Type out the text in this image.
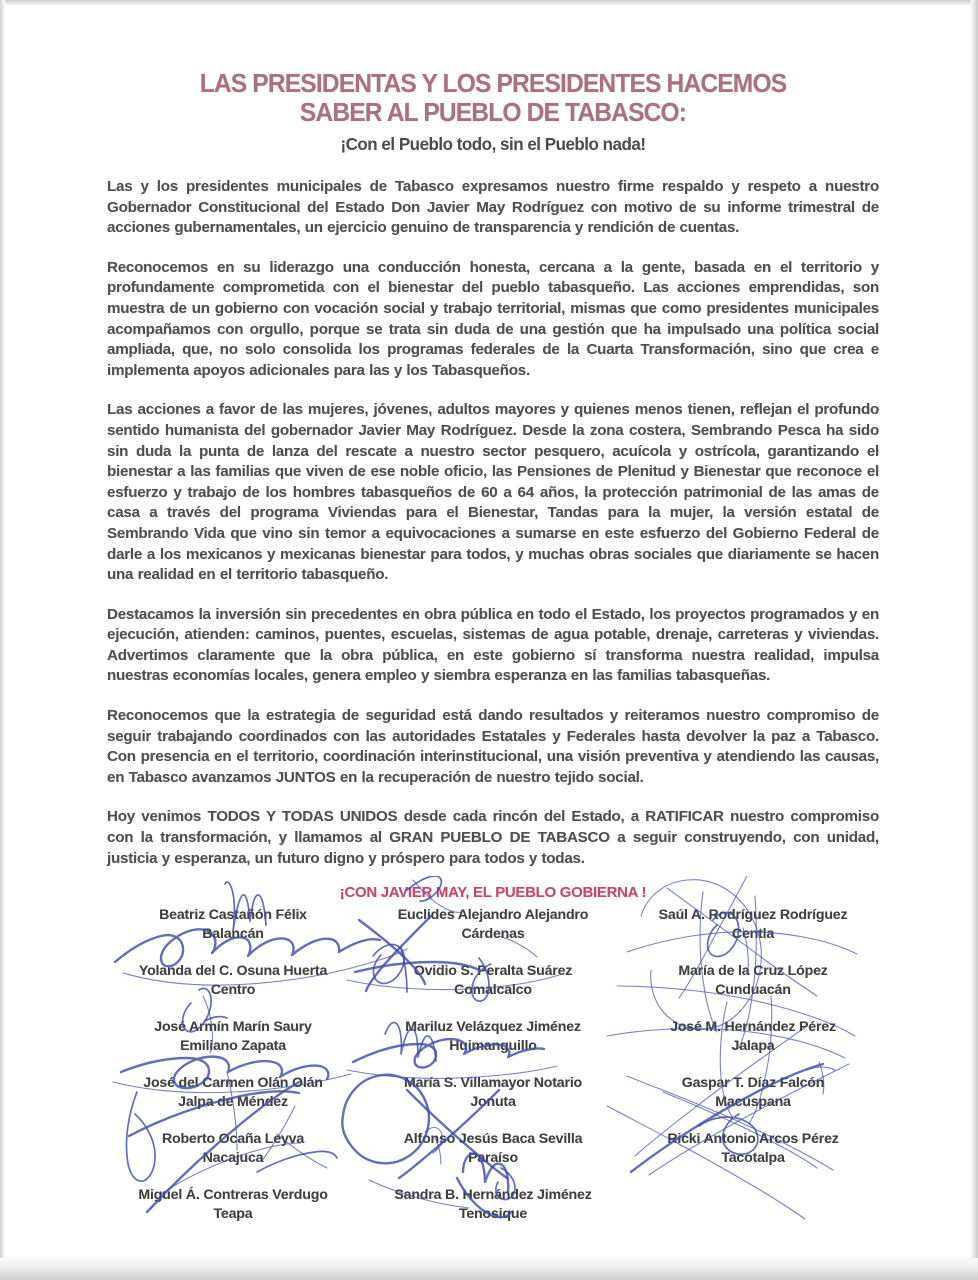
LAS PRESIDENTAS Y LOS PRESIDENTES HACEMOS
SABER AL PUEBLO DE TABASCO:

¡Con el Pueblo todo, sin el Pueblo nada!

Las y los presidentes municipales de Tabasco expresamos nuestro firme respaldo y respeto a nuestro Gobernador Constitucional del Estado Don Javier May Rodríguez con motivo de su informe trimestral de acciones gubernamentales, un ejercicio genuino de transparencia y rendición de cuentas.

Reconocemos en su liderazgo una conducción honesta, cercana a la gente, basada en el territorio y profundamente comprometida con el bienestar del pueblo tabasqueño. Las acciones emprendidas, son muestra de un gobierno con vocación social y trabajo territorial, mismas que como presidentes municipales acompañamos con orgullo, porque se trata sin duda de una gestión que ha impulsado una política social ampliada, que, no solo consolida los programas federales de la Cuarta Transformación, sino que crea e implementa apoyos adicionales para las y los Tabasqueños.

Las acciones a favor de las mujeres, jóvenes, adultos mayores y quienes menos tienen, reflejan el profundo sentido humanista del gobernador Javier May Rodríguez. Desde la zona costera, Sembrando Pesca ha sido sin duda la punta de lanza del rescate a nuestro sector pesquero, acuícola y ostrícola, garantizando el bienestar a las familias que viven de ese noble oficio, las Pensiones de Plenitud y Bienestar que reconoce el esfuerzo y trabajo de los hombres tabasqueños de 60 a 64 años, la protección patrimonial de las amas de casa a través del programa Viviendas para el Bienestar, Tandas para la mujer, la versión estatal de Sembrando Vida que vino sin temor a equivocaciones a sumarse en este esfuerzo del Gobierno Federal de darle a los mexicanos y mexicanas bienestar para todos, y muchas obras sociales que diariamente se hacen una realidad en el territorio tabasqueño.

Destacamos la inversión sin precedentes en obra pública en todo el Estado, los proyectos programados y en ejecución, atienden: caminos, puentes, escuelas, sistemas de agua potable, drenaje, carreteras y viviendas. Advertimos claramente que la obra pública, en este gobierno sí transforma nuestra realidad, impulsa nuestras economías locales, genera empleo y siembra esperanza en las familias tabasqueñas.

Reconocemos que la estrategia de seguridad está dando resultados y reiteramos nuestro compromiso de seguir trabajando coordinados con las autoridades Estatales y Federales hasta devolver la paz a Tabasco. Con presencia en el territorio, coordinación interinstitucional, una visión preventiva y atendiendo las causas, en Tabasco avanzamos JUNTOS en la recuperación de nuestro tejido social.

Hoy venimos TODOS Y TODAS UNIDOS desde cada rincón del Estado, a RATIFICAR nuestro compromiso con la transformación, y llamamos al GRAN PUEBLO DE TABASCO a seguir construyendo, con unidad, justicia y esperanza, un futuro digno y próspero para todos y todas.

¡CON JAVIER MAY, EL PUEBLO GOBIERNA !

Beatriz Castañón Félix
Balancán
Yolanda del C. Osuna Huerta
Centro
José Armín Marín Saury
Emiliano Zapata
José del Carmen Olán Olán
Jalpa de Méndez
Roberto Ocaña Leyva
Nacajuca
Miguel Á. Contreras Verdugo
Teapa
Euclides Alejandro Alejandro
Cárdenas
Ovidio S. Peralta Suárez
Comalcalco
Mariluz Velázquez Jiménez
Huimanguillo
María S. Villamayor Notario
Jonuta
Alfonso Jesús Baca Sevilla
Paraíso
Sandra B. Hernández Jiménez
Tenosique
Saúl A. Rodríguez Rodríguez
Centla
María de la Cruz López
Cunduacán
José M. Hernández Pérez
Jalapa
Gaspar T. Díaz Falcón
Macuspana
Ricki Antonio Arcos Pérez
Tacotalpa
